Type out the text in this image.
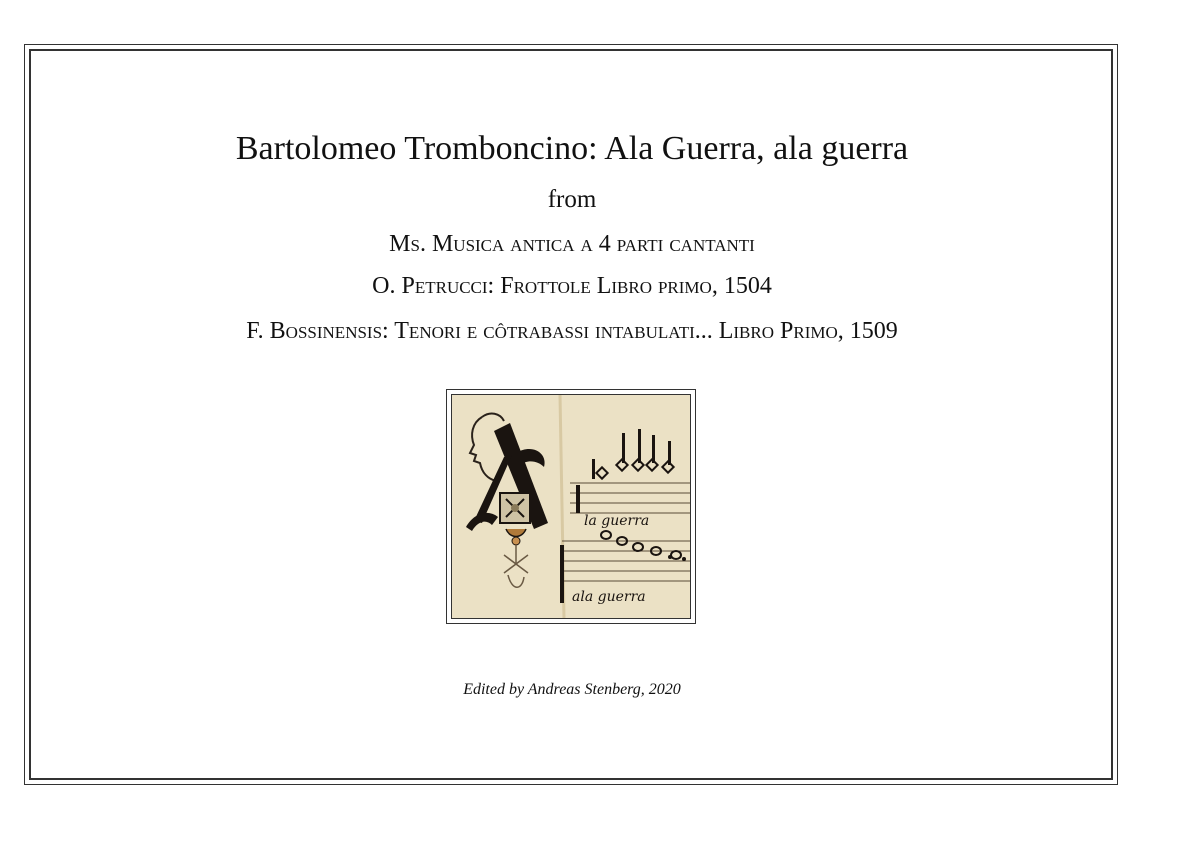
Bartolomeo Tromboncino: Ala Guerra, ala guerra
from
Ms. Musica antica a 4 parti cantanti
O. Petrucci: Frottole Libro primo, 1504
F. Bossinensis: Tenori e côtrabassi intabulati... Libro Primo, 1509
la guerra
ala guerra
Edited by Andreas Stenberg, 2020
